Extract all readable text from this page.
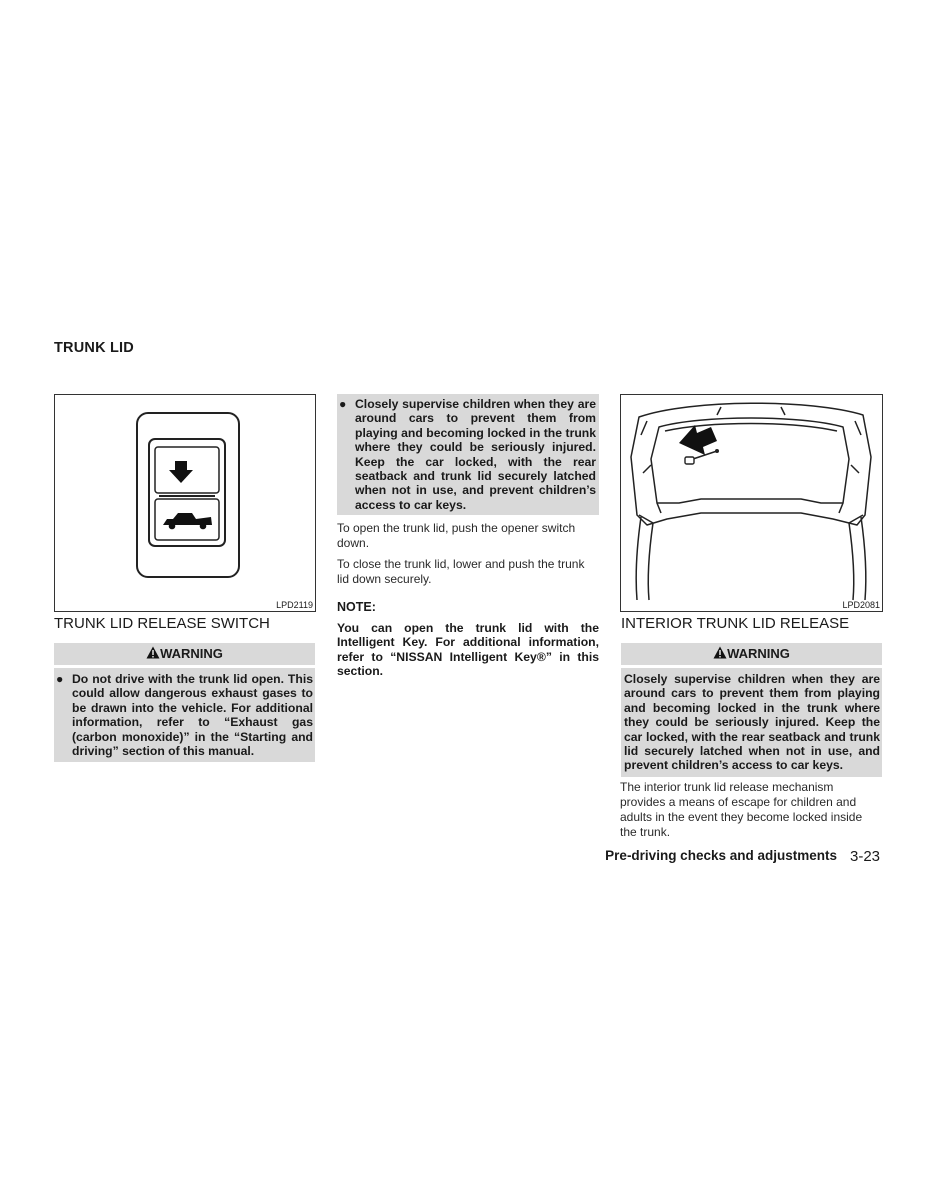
TRUNK LID
LPD2119
TRUNK LID RELEASE SWITCH
WARNING
● Do not drive with the trunk lid open. This could allow dangerous exhaust gases to be drawn into the vehicle. For additional information, refer to “Exhaust gas (carbon monoxide)” in the “Starting and driving” section of this manual.
● Closely supervise children when they are around cars to prevent them from playing and becoming locked in the trunk where they could be seriously injured. Keep the car locked, with the rear seatback and trunk lid securely latched when not in use, and prevent children’s access to car keys.
To open the trunk lid, push the opener switch down.
To close the trunk lid, lower and push the trunk lid down securely.
NOTE:
You can open the trunk lid with the Intelligent Key. For additional information, refer to “NISSAN Intelligent Key®” in this section.
LPD2081
INTERIOR TRUNK LID RELEASE
WARNING
Closely supervise children when they are around cars to prevent them from playing and becoming locked in the trunk where they could be seriously injured. Keep the car locked, with the rear seatback and trunk lid securely latched when not in use, and prevent children’s access to car keys.
The interior trunk lid release mechanism provides a means of escape for children and adults in the event they become locked inside the trunk.
Pre-driving checks and adjustments 3-23
